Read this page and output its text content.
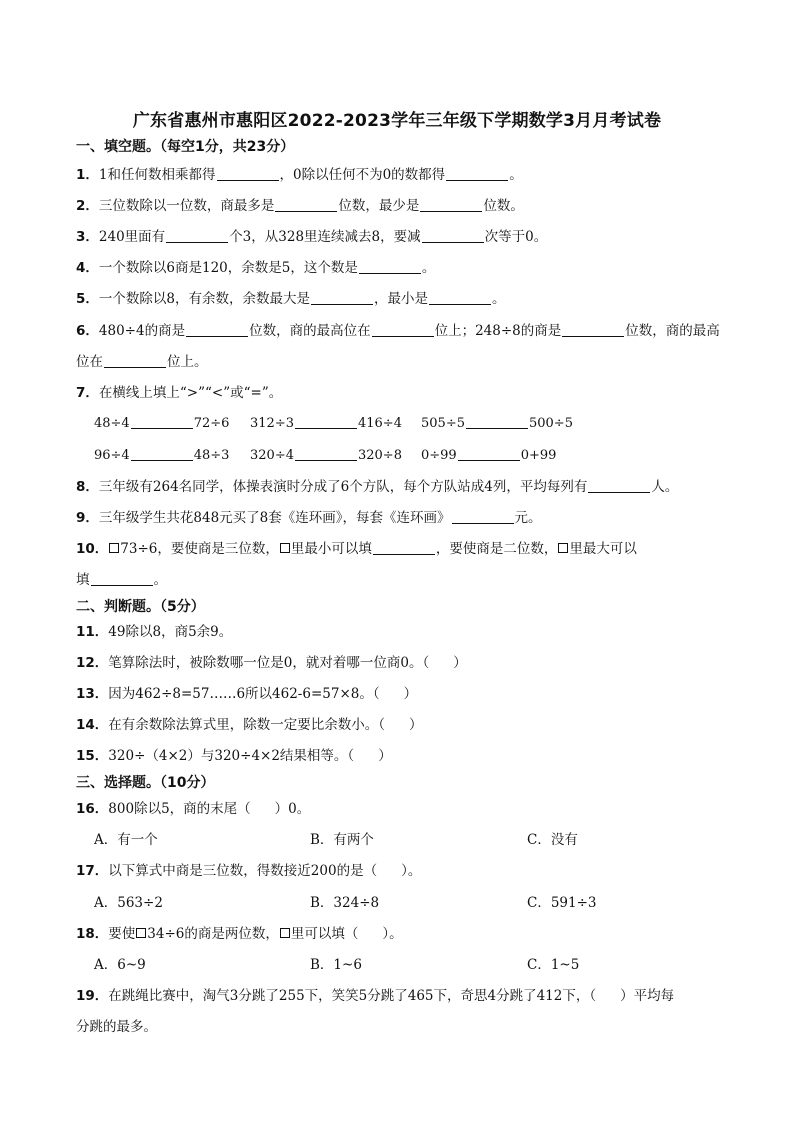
广东省惠州市惠阳区2022-2023学年三年级下学期数学3月月考试卷
一、填空题。（每空1分，共23分）
1．1和任何数相乘都得	，0除以任何不为0的数都得	。
2．三位数除以一位数，商最多是	位数，最少是	位数。
3．240里面有	个3，从328里连续减去8，要减	次等于0。
4．一个数除以6商是120，余数是5，这个数是	。
5．一个数除以8，有余数，余数最大是	，最小是	。
6．480÷4的商是	位数，商的最高位在	位上；248÷8的商是	位数，商的最高
位在	位上。
7．在横线上填上“>”“<”或“=”。
48÷4	72÷6 312÷3	416÷4 505÷5	500÷5
96÷4	48÷3 320÷4	320÷8 0÷99	0+99
8．三年级有264名同学，体操表演时分成了6个方队，每个方队站成4列，平均每列有	人。
9．三年级学生共花848元买了8套《连环画》，每套《连环画》	元。
10． 73÷6，要使商是三位数， 里最小可以填	，要使商是二位数， 里最大可以
填	。
二、判断题。（5分）
11．49除以8，商5余9。
12．笔算除法时，被除数哪一位是0，就对着哪一位商0。（ ）
13．因为462÷8=57……6所以462-6=57×8。（ ）
14．在有余数除法算式里，除数一定要比余数小。（ ）
15．320÷（4×2）与320÷4×2结果相等。（ ）
三、选择题。（10分）
16．800除以5，商的末尾（ ）0。
A．有一个	B．有两个	C．没有
17．以下算式中商是三位数，得数接近200的是（ ）。
A．563÷2	B．324÷8	C．591÷3
18．要使 34÷6的商是两位数， 里可以填（ ）。
A．6~9	B．1~6	C．1~5
19．在跳绳比赛中，淘气3分跳了255下，笑笑5分跳了465下，奇思4分跳了412下，（ ）平均每
分跳的最多。
